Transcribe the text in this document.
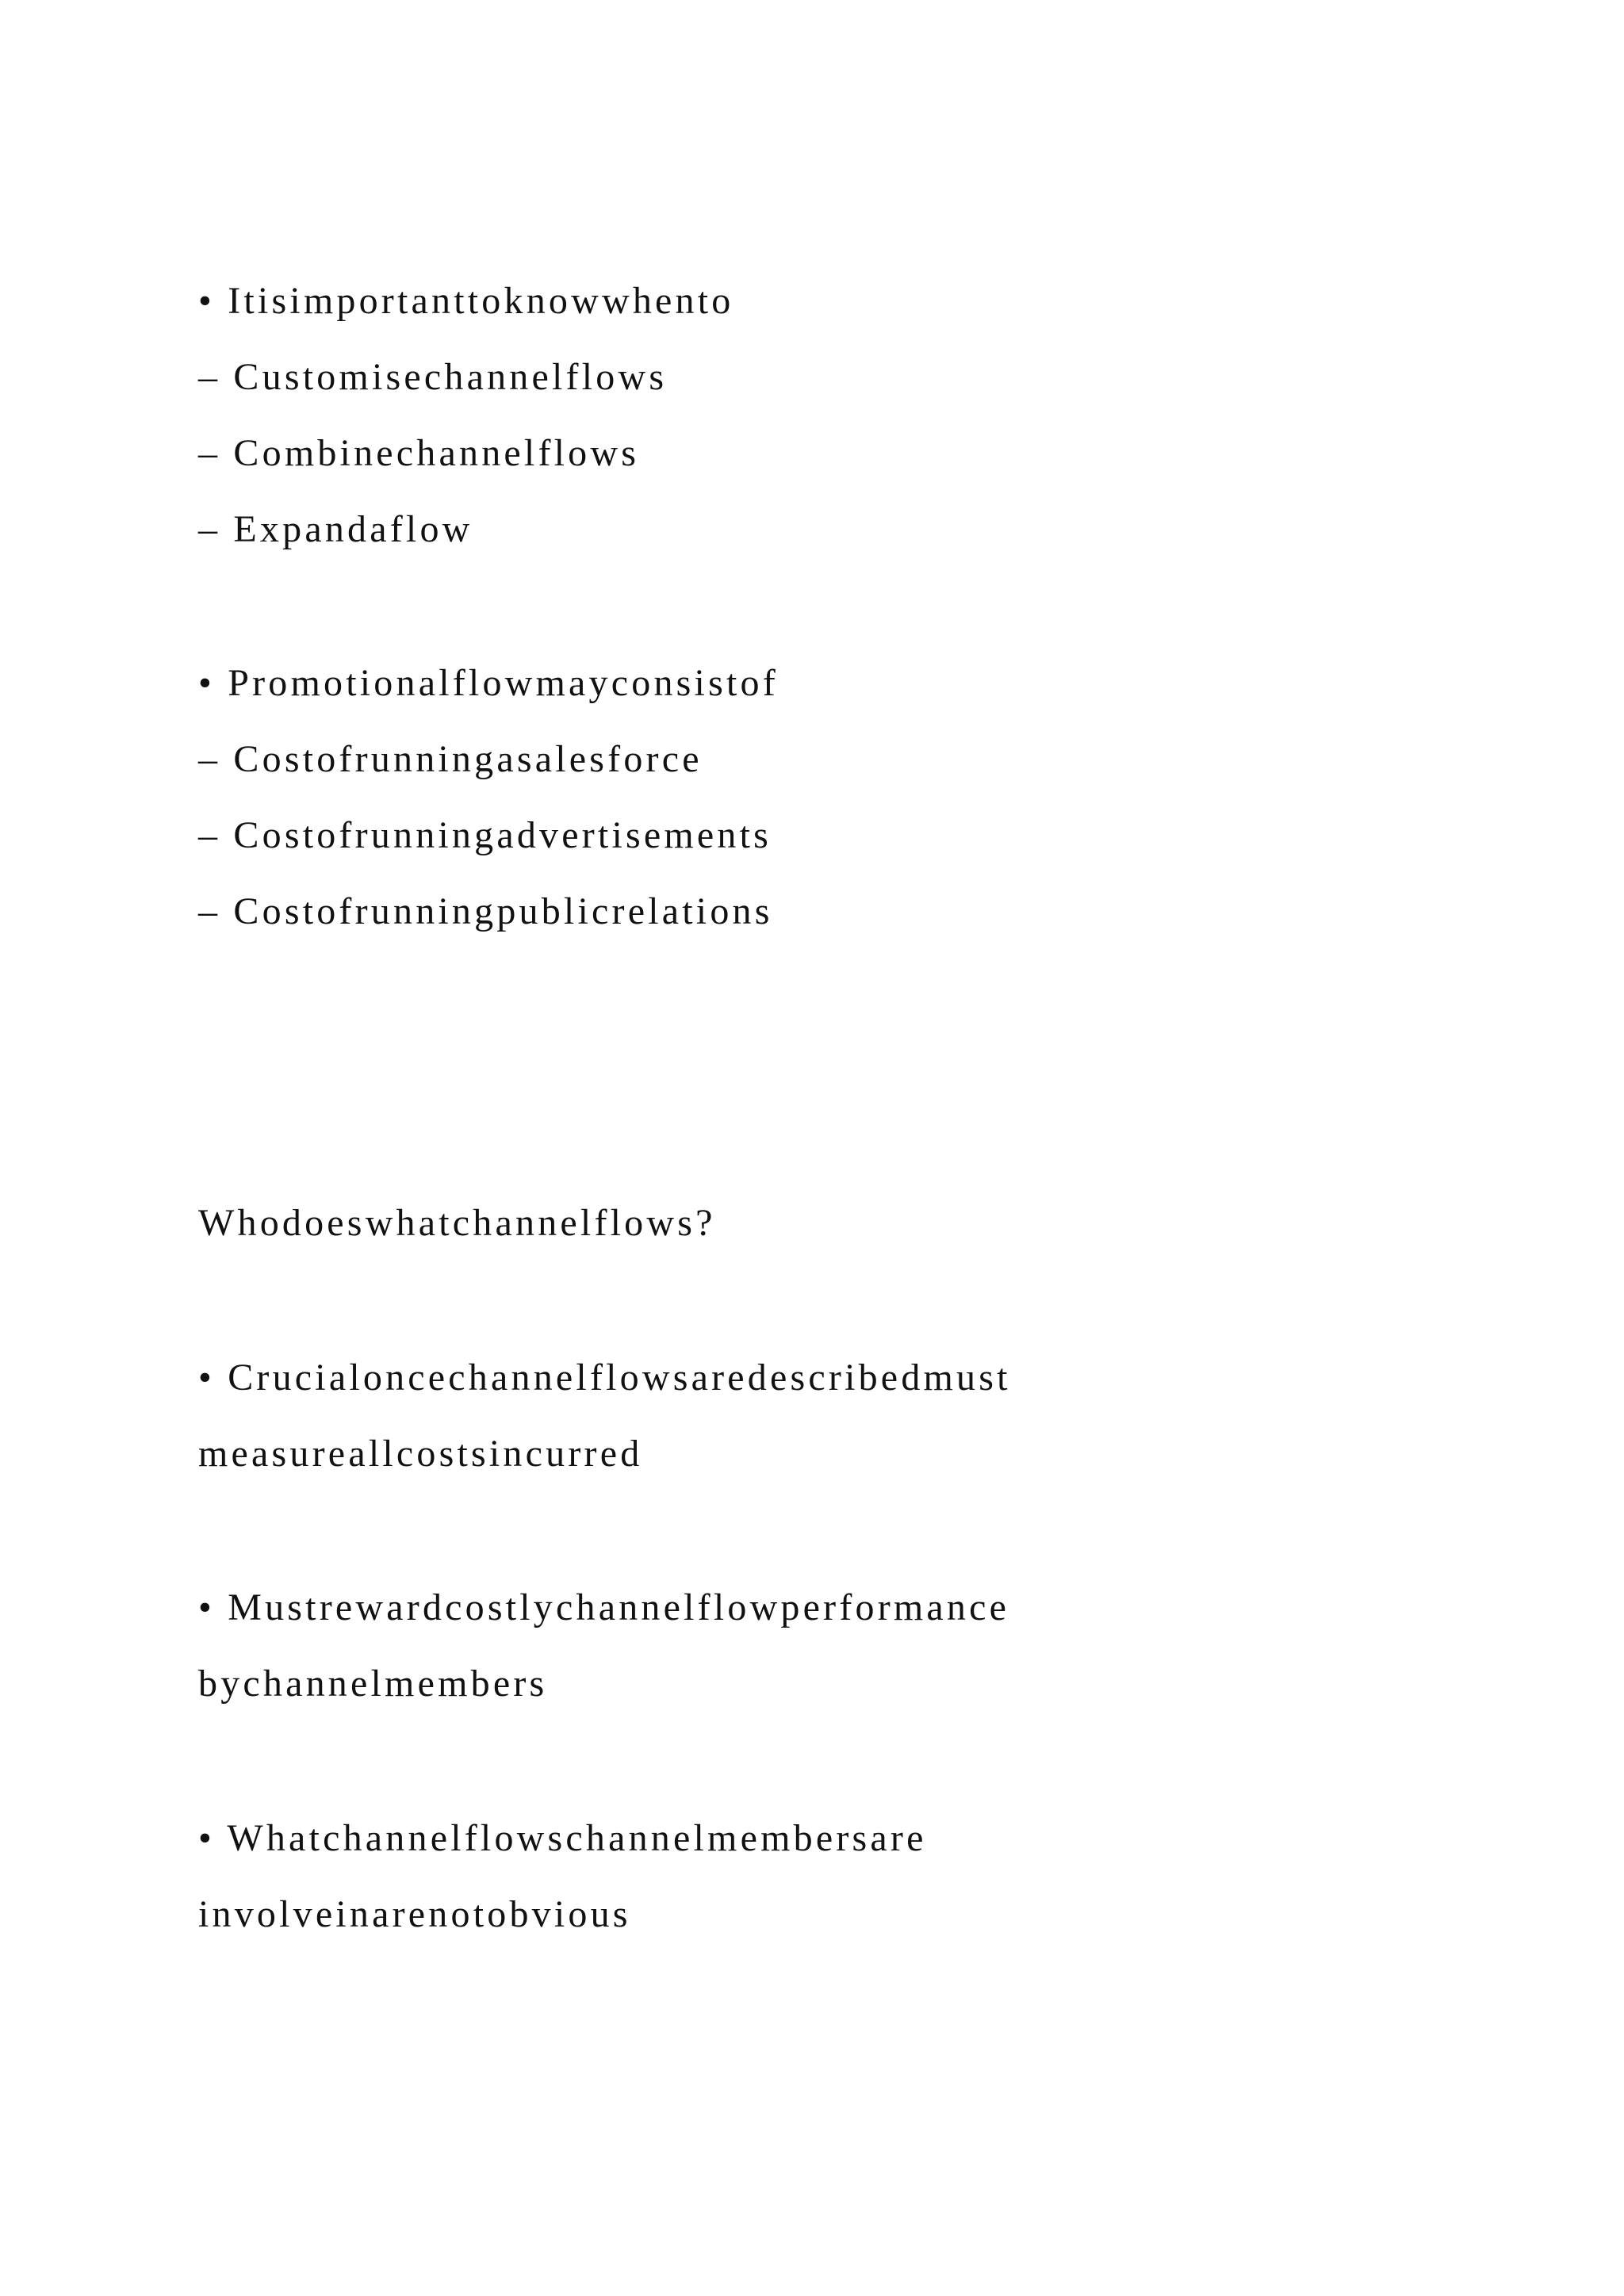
• Itisimportanttoknowwhento
– Customisechannelflows
– Combinechannelflows
– Expandaflow
• Promotionalflowmayconsistof
– Costofrunningasalesforce
– Costofrunningadvertisements
– Costofrunningpublicrelations
Whodoeswhatchannelflows?
• Crucialoncechannelflowsaredescribedmust
measureallcostsincurred
• Mustrewardcostlychannelflowperformance
bychannelmembers
• Whatchannelflowschannelmembersare
involveinarenotobvious
